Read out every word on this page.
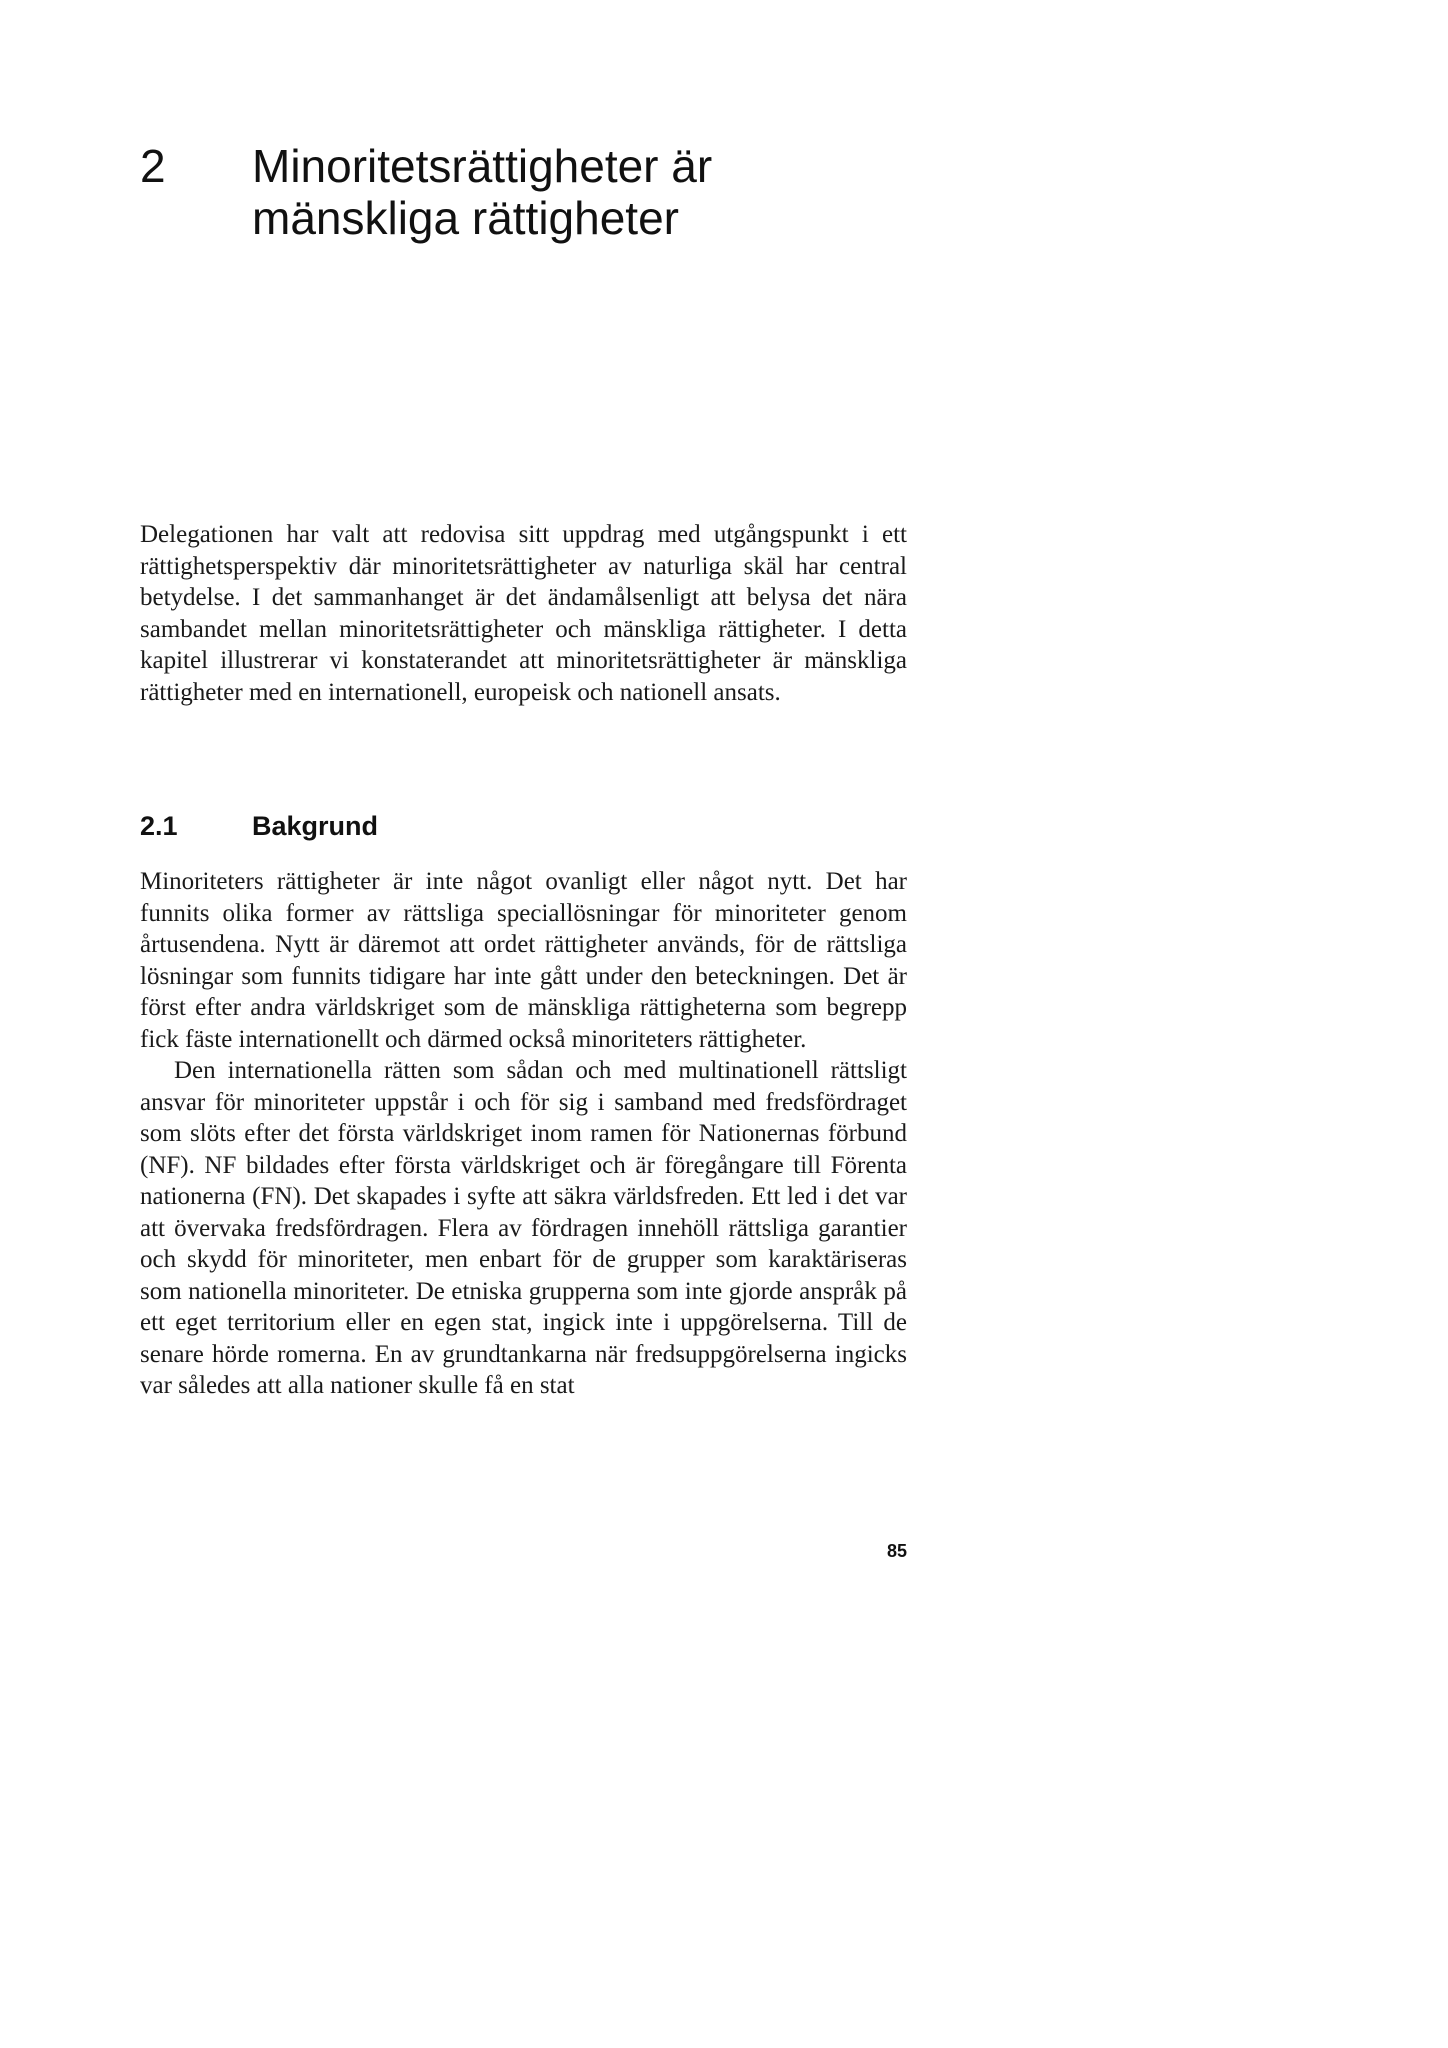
2 Minoritetsrättigheter är
mänskliga rättigheter

Delegationen har valt att redovisa sitt uppdrag med utgångspunkt i ett rättighetsperspektiv där minoritetsrättigheter av naturliga skäl har central betydelse. I det sammanhanget är det ändamålsenligt att belysa det nära sambandet mellan minoritetsrättigheter och mänskliga rättigheter. I detta kapitel illustrerar vi konstaterandet att minoritetsrättigheter är mänskliga rättigheter med en internationell, europeisk och nationell ansats.

2.1	Bakgrund

Minoriteters rättigheter är inte något ovanligt eller något nytt. Det har funnits olika former av rättsliga speciallösningar för minoriteter genom årtusendena. Nytt är däremot att ordet rättigheter används, för de rättsliga lösningar som funnits tidigare har inte gått under den beteckningen. Det är först efter andra världskriget som de mänskliga rättigheterna som begrepp fick fäste internationellt och därmed också minoriteters rättigheter.

Den internationella rätten som sådan och med multinationell rättsligt ansvar för minoriteter uppstår i och för sig i samband med fredsfördraget som slöts efter det första världskriget inom ramen för Nationernas förbund (NF). NF bildades efter första världskriget och är föregångare till Förenta nationerna (FN). Det skapades i syfte att säkra världsfreden. Ett led i det var att övervaka fredsfördragen. Flera av fördragen innehöll rättsliga garantier och skydd för minoriteter, men enbart för de grupper som karaktäriseras som nationella minoriteter. De etniska grupperna som inte gjorde anspråk på ett eget territorium eller en egen stat, ingick inte i uppgörelserna. Till de senare hörde romerna. En av grundtankarna när fredsuppgörelserna ingicks var således att alla nationer skulle få en stat

85
